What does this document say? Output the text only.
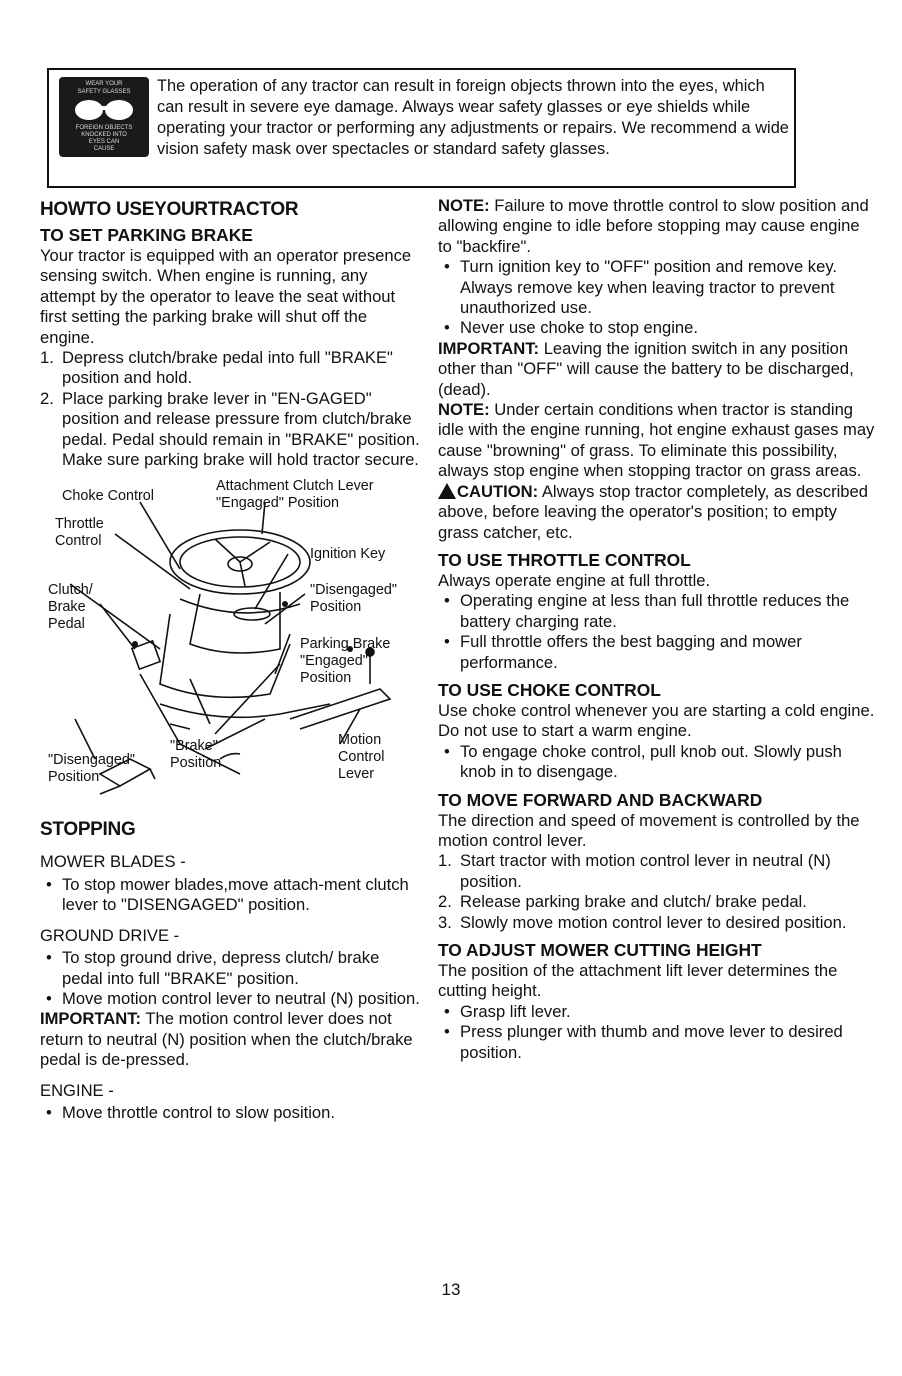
WEAR YOUR
SAFETY GLASSES
FOREIGN OBJECTS
KNOCKED INTO
EYES CAN
CAUSE
The operation of any tractor can result in foreign objects thrown into the eyes, which can result in severe eye damage. Always wear safety glasses or eye shields while operating your tractor or performing any adjustments or repairs. We recommend a wide vision safety mask over spectacles or standard safety glasses.
HOWTO USEYOURTRACTOR
TO SET PARKING BRAKE

Your tractor is equipped with an operator presence sensing switch. When engine is running, any attempt by the operator to leave the seat without first setting the parking brake will shut off the engine.

1. Depress clutch/brake pedal into full "BRAKE" position and hold.
2. Place parking brake lever in "EN-GAGED" position and release pressure from clutch/brake pedal. Pedal should remain in "BRAKE" position. Make sure parking brake will hold tractor secure.
Choke Control
Attachment Clutch Lever
"Engaged" Position
Throttle
Control
Ignition Key
Clutch/
Brake
Pedal
"Disengaged"
Position
Parking Brake
"Engaged"
Position
Motion
Control
Lever
"Brake"
Position
"Disengaged"
Position
STOPPING
MOWER BLADES -
• To stop mower blades,move attach-ment clutch lever to "DISENGAGED" position.
GROUND DRIVE -
• To stop ground drive, depress clutch/ brake pedal into full "BRAKE" position.
• Move motion control lever to neutral (N) position.

IMPORTANT: The motion control lever does not return to neutral (N) position when the clutch/brake pedal is de-pressed.

ENGINE -
• Move throttle control to slow position.

NOTE: Failure to move throttle control to slow position and allowing engine to idle before stopping may cause engine to "backfire".

• Turn ignition key to "OFF" position and remove key. Always remove key when leaving tractor to prevent unauthorized use.
• Never use choke to stop engine.

IMPORTANT: Leaving the ignition switch in any position other than "OFF" will cause the battery to be discharged, (dead).

NOTE: Under certain conditions when tractor is standing idle with the engine running, hot engine exhaust gases may cause "browning" of grass. To eliminate this possibility, always stop engine when stopping tractor on grass areas.

CAUTION: Always stop tractor completely, as described above, before leaving the operator's position; to empty grass catcher, etc.

TO USE THROTTLE CONTROL

Always operate engine at full throttle.

• Operating engine at less than full throttle reduces the battery charging rate.
• Full throttle offers the best bagging and mower performance.
TO USE CHOKE CONTROL

Use choke control whenever you are starting a cold engine. Do not use to start a warm engine.

• To engage choke control, pull knob out. Slowly push knob in to disengage.
TO MOVE FORWARD AND BACKWARD

The direction and speed of movement is controlled by the motion control lever.

1. Start tractor with motion control lever in neutral (N) position.
2. Release parking brake and clutch/ brake pedal.
3. Slowly move motion control lever to desired position.
TO ADJUST MOWER CUTTING HEIGHT

The position of the attachment lift lever determines the cutting height.

• Grasp lift lever.
• Press plunger with thumb and move lever to desired position.
13
